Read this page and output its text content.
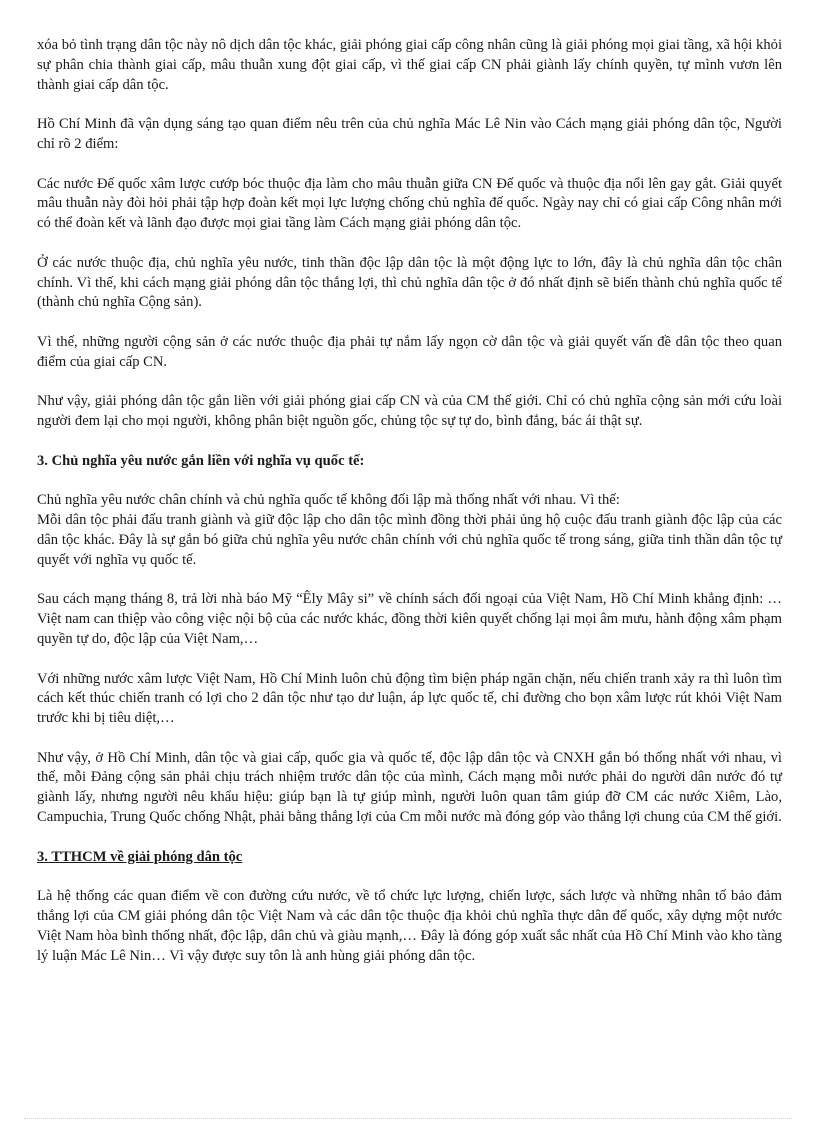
xóa bỏ tình trạng dân tộc này nô dịch dân tộc khác, giải phóng giai cấp công nhân cũng là giải phóng mọi giai tầng, xã hội khỏi sự phân chia thành giai cấp, mâu thuẫn xung đột giai cấp, vì thế giai cấp CN phải giành lấy chính quyền, tự mình vươn lên thành giai cấp dân tộc.

Hồ Chí Minh đã vận dụng sáng tạo quan điểm nêu trên của chủ nghĩa Mác Lê Nin vào Cách mạng giải phóng dân tộc, Người chỉ rõ 2 điểm:

Các nước Đế quốc xâm lược cướp bóc thuộc địa làm cho mâu thuẫn giữa CN Đế quốc và thuộc địa nổi lên gay gắt. Giải quyết mâu thuẫn này đòi hỏi phải tập hợp đoàn kết mọi lực lượng chống chủ nghĩa đế quốc. Ngày nay chỉ có giai cấp Công nhân mới có thể đoàn kết và lãnh đạo được mọi giai tầng làm Cách mạng giải phóng dân tộc.

Ở các nước thuộc địa, chủ nghĩa yêu nước, tinh thần độc lập dân tộc là một động lực to lớn, đây là chủ nghĩa dân tộc chân chính. Vì thế, khi cách mạng giải phóng dân tộc thắng lợi, thì chủ nghĩa dân tộc ở đó nhất định sẽ biến thành chủ nghĩa quốc tế (thành chủ nghĩa Cộng sản).

Vì thế, những người cộng sản ở các nước thuộc địa phải tự nắm lấy ngọn cờ dân tộc và giải quyết vấn đề dân tộc theo quan điểm của giai cấp CN.

Như vậy, giải phóng dân tộc gắn liền với giải phóng giai cấp CN và của CM thế giới. Chỉ có chủ nghĩa cộng sản mới cứu loài người đem lại cho mọi người, không phân biệt nguồn gốc, chủng tộc sự tự do, bình đẳng, bác ái thật sự.

3. Chủ nghĩa yêu nước gắn liền với nghĩa vụ quốc tế:

Chủ nghĩa yêu nước chân chính và chủ nghĩa quốc tế không đối lập mà thống nhất với nhau. Vì thế:
Mỗi dân tộc phải đấu tranh giành và giữ độc lập cho dân tộc mình đồng thời phải ủng hộ cuộc đấu tranh giành độc lập của các dân tộc khác. Đây là sự gắn bó giữa chủ nghĩa yêu nước chân chính với chủ nghĩa quốc tế trong sáng, giữa tinh thần dân tộc tự quyết với nghĩa vụ quốc tế.

Sau cách mạng tháng 8, trả lời nhà báo Mỹ “Êly Mây si” về chính sách đối ngoại của Việt Nam, Hồ Chí Minh khẳng định: …Việt nam can thiệp vào công việc nội bộ của các nước khác, đồng thời kiên quyết chống lại mọi âm mưu, hành động xâm phạm quyền tự do, độc lập của Việt Nam,…

Với những nước xâm lược Việt Nam, Hồ Chí Minh luôn chủ động tìm biện pháp ngăn chặn, nếu chiến tranh xảy ra thì luôn tìm cách kết thúc chiến tranh có lợi cho 2 dân tộc như tạo dư luận, áp lực quốc tế, chỉ đường cho bọn xâm lược rút khỏi Việt Nam trước khi bị tiêu diệt,…

Như vậy, ở Hồ Chí Minh, dân tộc và giai cấp, quốc gia và quốc tế, độc lập dân tộc và CNXH gắn bó thống nhất với nhau, vì thế, mỗi Đảng cộng sản phải chịu trách nhiệm trước dân tộc của mình, Cách mạng mỗi nước phải do người dân nước đó tự giành lấy, nhưng người nêu khẩu hiệu: giúp bạn là tự giúp mình, người luôn quan tâm giúp đỡ CM các nước Xiêm, Lào, Campuchia, Trung Quốc chống Nhật, phải bằng thắng lợi của Cm mỗi nước mà đóng góp vào thắng lợi chung của CM thế giới.

3. TTHCM về giải phóng dân tộc

Là hệ thống các quan điểm về con đường cứu nước, về tổ chức lực lượng, chiến lược, sách lược và những nhân tố bảo đảm thắng lợi của CM giải phóng dân tộc Việt Nam và các dân tộc thuộc địa khỏi chủ nghĩa thực dân đế quốc, xây dựng một nước Việt Nam hòa bình thống nhất, độc lập, dân chủ và giàu mạnh,… Đây là đóng góp xuất sắc nhất của Hồ Chí Minh vào kho tàng lý luận Mác Lê Nin… Vì vậy được suy tôn là anh hùng giải phóng dân tộc.
